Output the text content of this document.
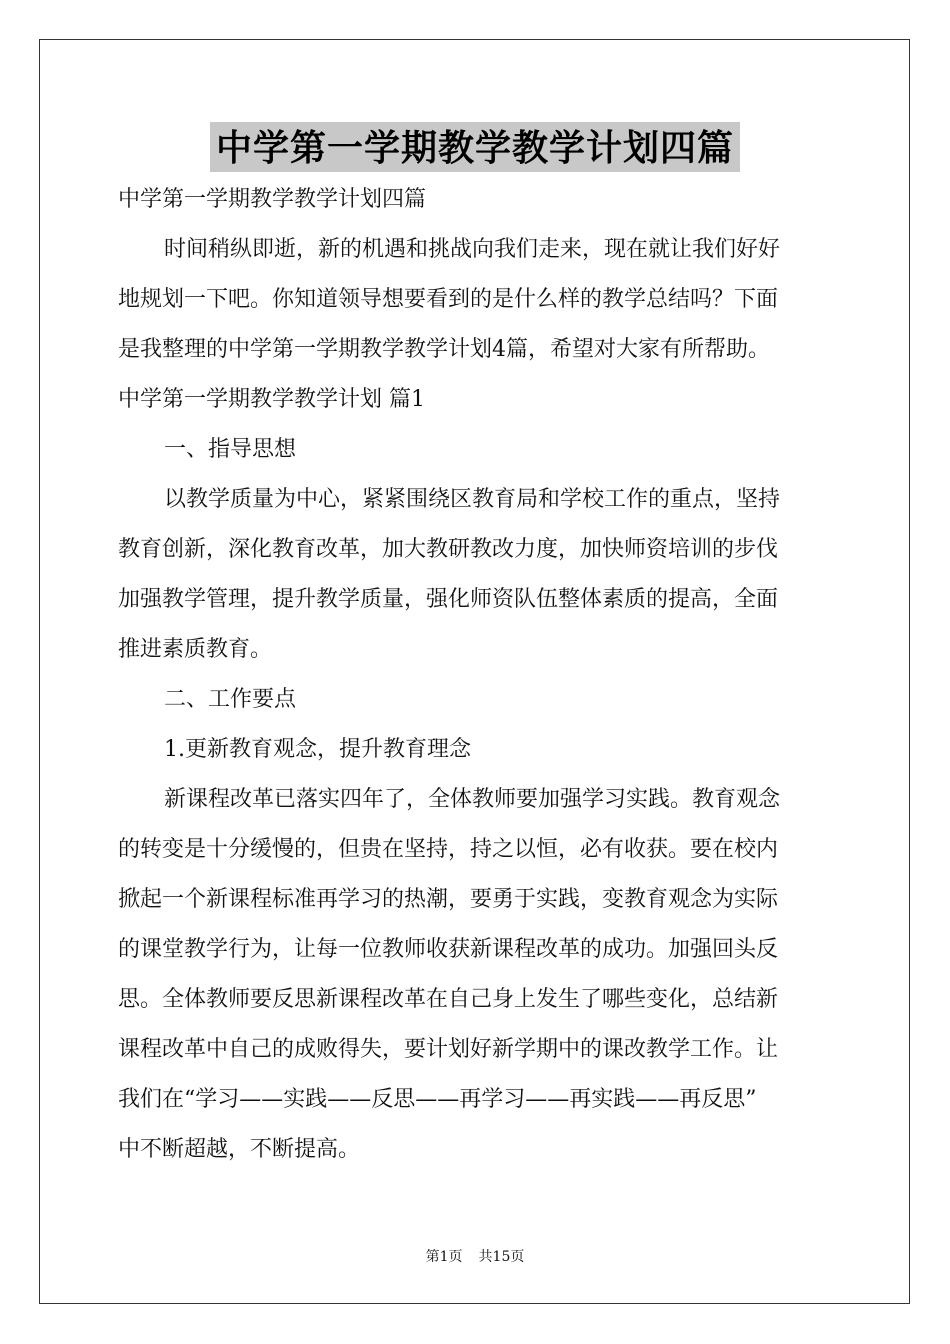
中学第一学期教学教学计划四篇

中学第一学期教学教学计划四篇

时间稍纵即逝，新的机遇和挑战向我们走来，现在就让我们好好

地规划一下吧。你知道领导想要看到的是什么样的教学总结吗？下面

是我整理的中学第一学期教学教学计划4篇，希望对大家有所帮助。

中学第一学期教学教学计划 篇1

一、指导思想

以教学质量为中心，紧紧围绕区教育局和学校工作的重点，坚持

教育创新，深化教育改革，加大教研教改力度，加快师资培训的步伐

加强教学管理，提升教学质量，强化师资队伍整体素质的提高，全面

推进素质教育。

二、工作要点

1.更新教育观念，提升教育理念

新课程改革已落实四年了，全体教师要加强学习实践。教育观念

的转变是十分缓慢的，但贵在坚持，持之以恒，必有收获。要在校内

掀起一个新课程标准再学习的热潮，要勇于实践，变教育观念为实际

的课堂教学行为，让每一位教师收获新课程改革的成功。加强回头反

思。全体教师要反思新课程改革在自己身上发生了哪些变化，总结新

课程改革中自己的成败得失，要计划好新学期中的课改教学工作。让

我们在“学习——实践——反思——再学习——再实践——再反思”

中不断超越，不断提高。

第1页 共15页
